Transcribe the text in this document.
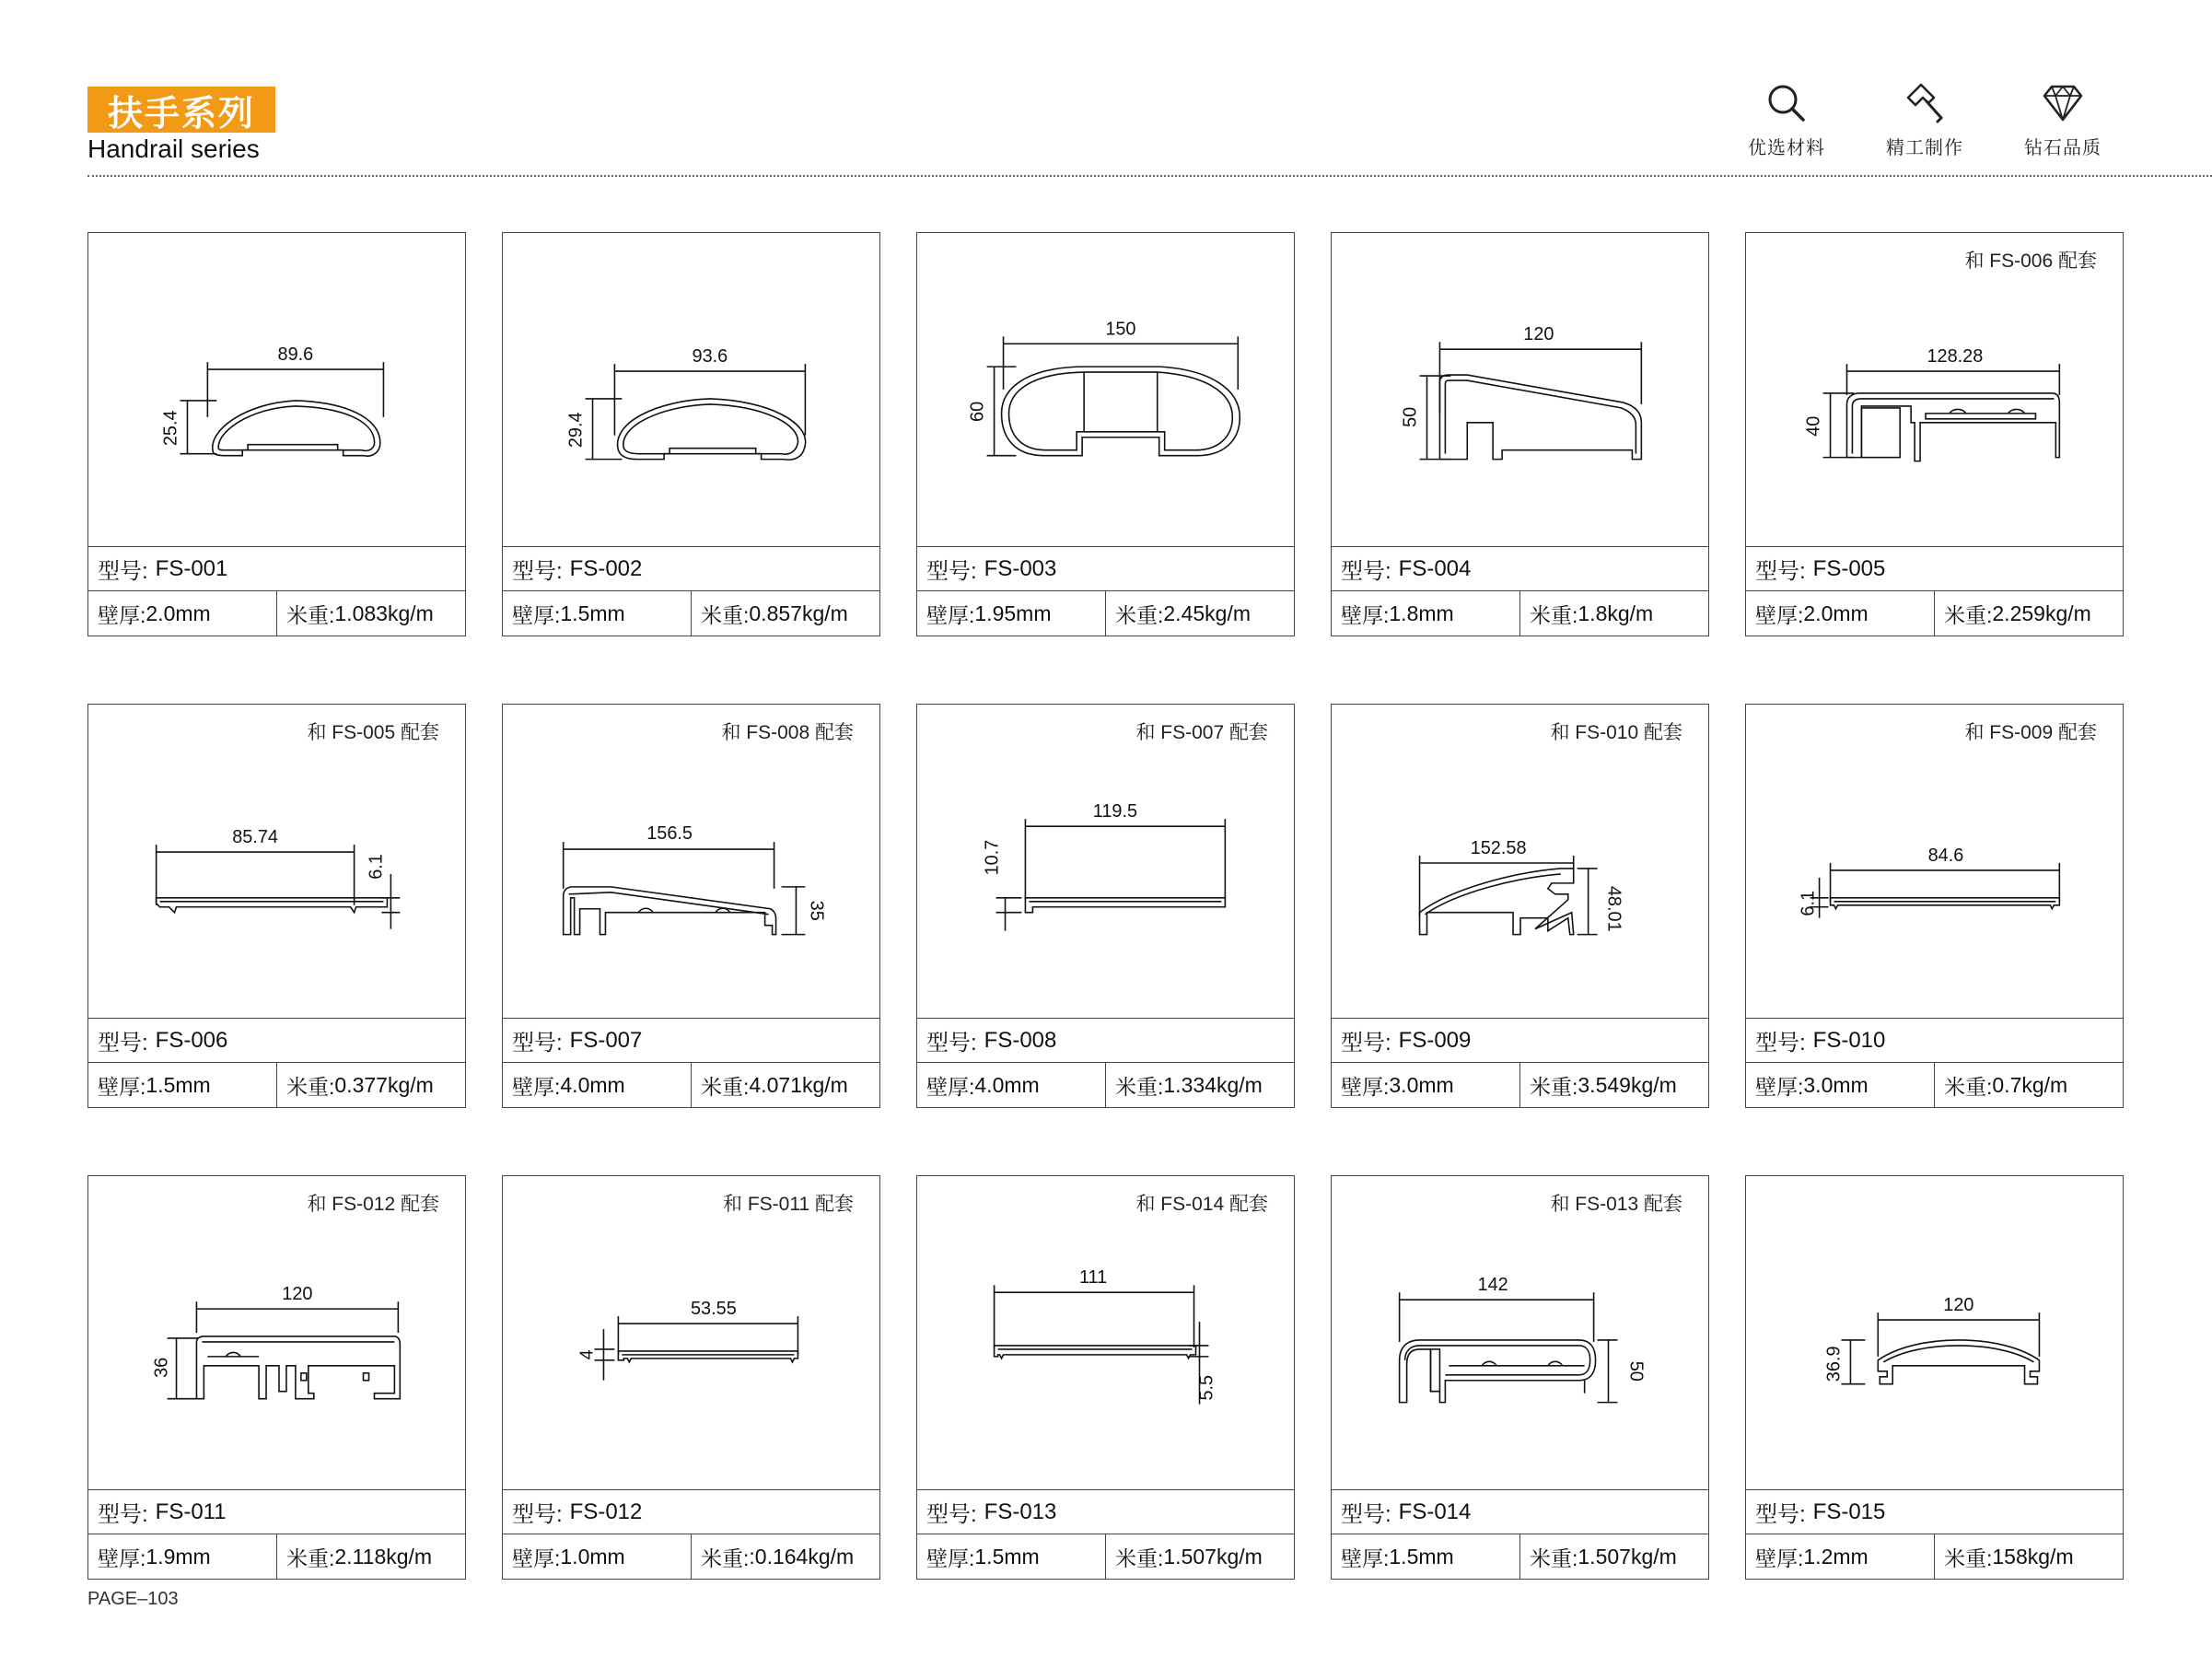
扶手系列
Handrail series	优选材料	精工制作	钻石品质
89.6
25.4
型号: FS-001
壁厚: 2.0mm	米重: 1.083kg/m
93.6
29.4
型号: FS-002
壁厚: 1.5mm	米重: 0.857kg/m
150
60
型号: FS-003
壁厚: 1.95mm	米重: 2.45kg/m
120
50
型号: FS-004
壁厚: 1.8mm	米重: 1.8kg/m
和 FS-006 配套
128.28
40
型号: FS-005
壁厚: 2.0mm	米重: 2.259kg/m
和 FS-005 配套
85.74
6.1
型号: FS-006
壁厚: 1.5mm	米重: 0.377kg/m
和 FS-008 配套
156.5
35
型号: FS-007
壁厚: 4.0mm	米重: 4.071kg/m
和 FS-007 配套
119.5
10.7
型号: FS-008
壁厚: 4.0mm	米重: 1.334kg/m
和 FS-010 配套
152.58
48.01
型号: FS-009
壁厚: 3.0mm	米重: 3.549kg/m
和 FS-009 配套
84.6
6.1
型号: FS-010
壁厚: 3.0mm	米重: 0.7kg/m
和 FS-012 配套
120
36
型号: FS-011
壁厚: 1.9mm	米重: 2.118kg/m
和 FS-011 配套
53.55
4
型号: FS-012
壁厚: 1.0mm	米重: :0.164kg/m
和 FS-014 配套
111
5.5
型号: FS-013
壁厚: 1.5mm	米重: 1.507kg/m
和 FS-013 配套
142
50
型号: FS-014
壁厚: 1.5mm	米重: 1.507kg/m
120
36.9
型号: FS-015
壁厚: 1.2mm	米重: 158kg/m
PAGE–103
